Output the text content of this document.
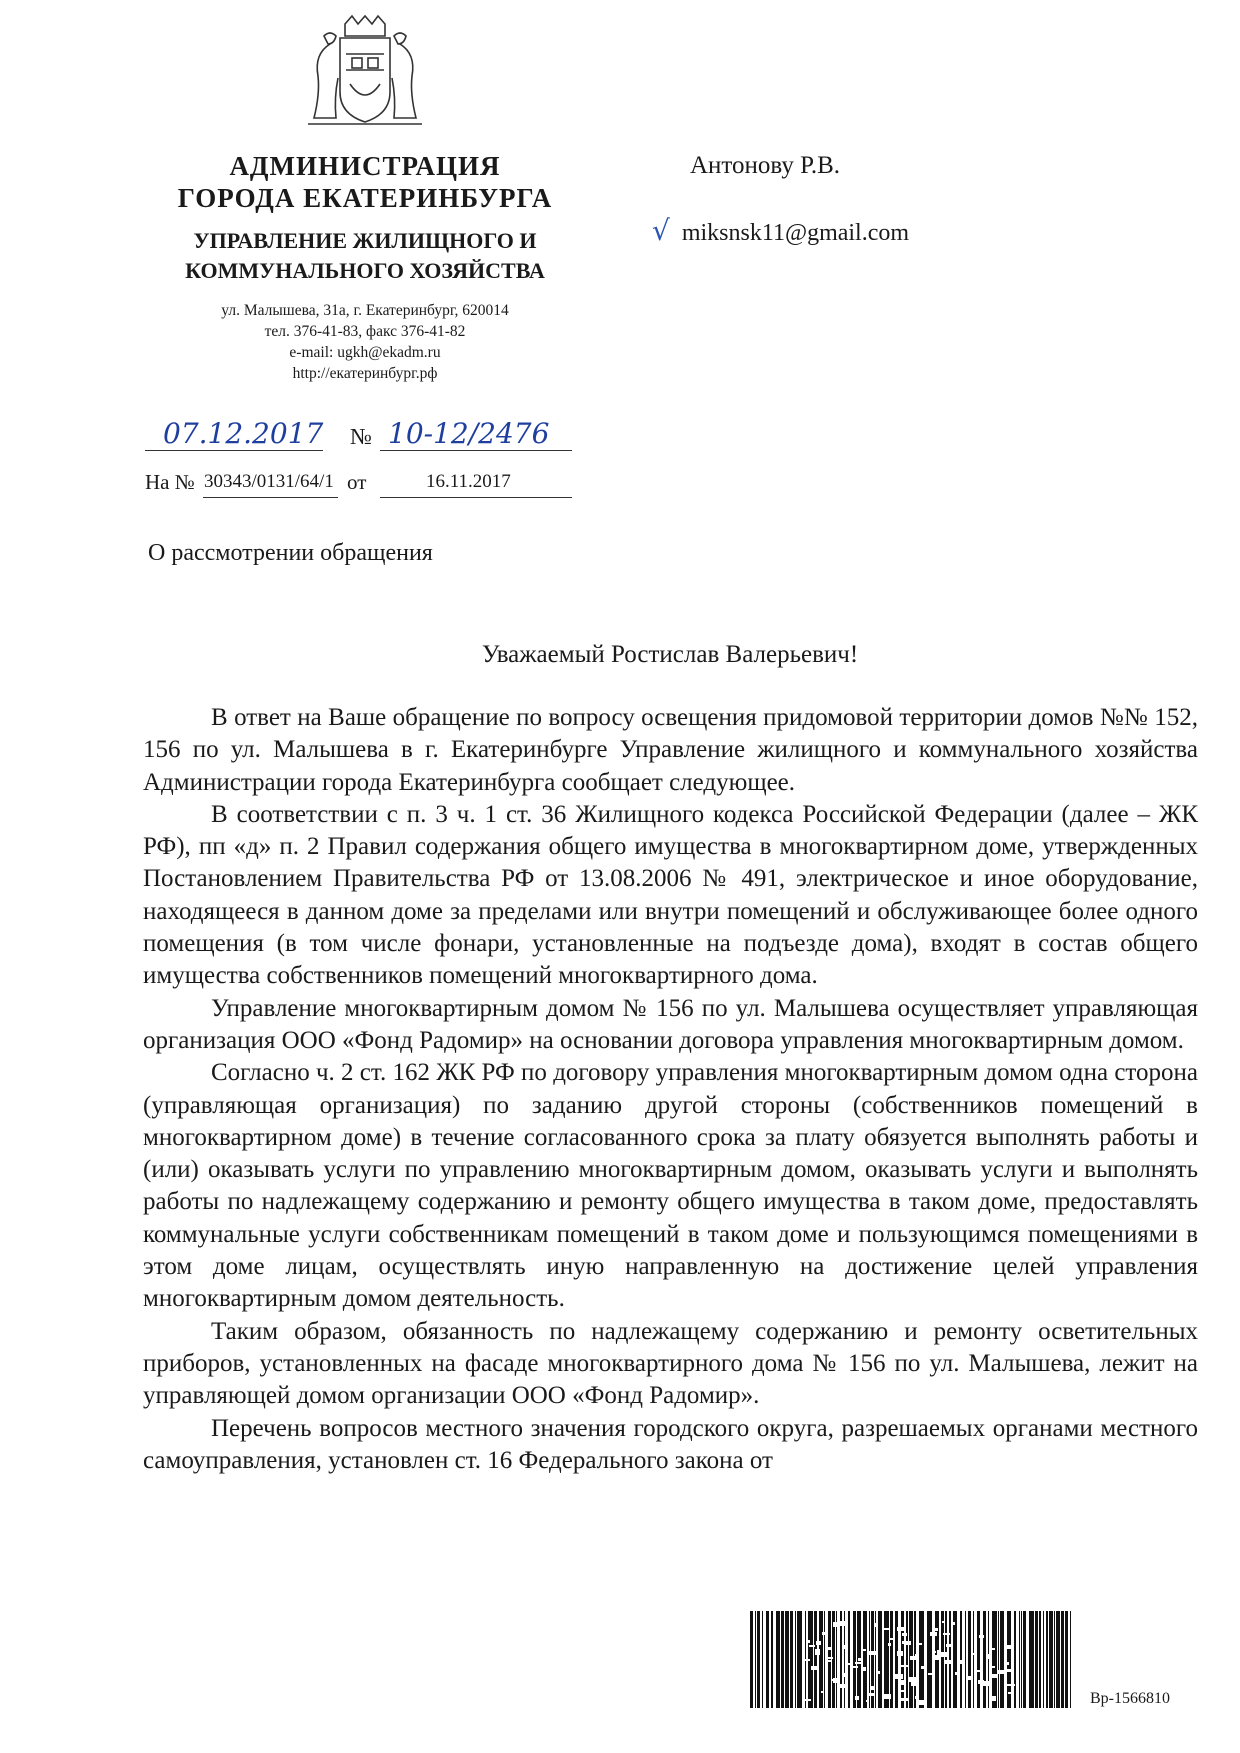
АДМИНИСТРАЦИЯ
ГОРОДА ЕКАТЕРИНБУРГА
УПРАВЛЕНИЕ ЖИЛИЩНОГО И
КОММУНАЛЬНОГО ХОЗЯЙСТВА
ул. Малышева, 31а, г. Екатеринбург, 620014
тел. 376-41-83, факс 376-41-82
e-mail: ugkh@ekadm.ru
http://екатеринбург.рф
Антонову Р.В.
√ miksnsk11@gmail.com
07.12.2017 № 10-12/2476
На № 30343/0131/64/1 от	16.11.2017
О рассмотрении обращения
Уважаемый Ростислав Валерьевич!

В ответ на Ваше обращение по вопросу освещения придомовой территории домов №№ 152, 156 по ул. Малышева в г. Екатеринбурге Управление жилищного и коммунального хозяйства Администрации города Екатеринбурга сообщает следующее.

В соответствии с п. 3 ч. 1 ст. 36 Жилищного кодекса Российской Федерации (далее – ЖК РФ), пп «д» п. 2 Правил содержания общего имущества в многоквартирном доме, утвержденных Постановлением Правительства РФ от 13.08.2006 № 491, электрическое и иное оборудование, находящееся в данном доме за пределами или внутри помещений и обслуживающее более одного помещения (в том числе фонари, установленные на подъезде дома), входят в состав общего имущества собственников помещений многоквартирного дома.

Управление многоквартирным домом № 156 по ул. Малышева осуществляет управляющая организация ООО «Фонд Радомир» на основании договора управления многоквартирным домом.

Согласно ч. 2 ст. 162 ЖК РФ по договору управления многоквартирным домом одна сторона (управляющая организация) по заданию другой стороны (собственников помещений в многоквартирном доме) в течение согласованного срока за плату обязуется выполнять работы и (или) оказывать услуги по управлению многоквартирным домом, оказывать услуги и выполнять работы по надлежащему содержанию и ремонту общего имущества в таком доме, предоставлять коммунальные услуги собственникам помещений в таком доме и пользующимся помещениями в этом доме лицам, осуществлять иную направленную на достижение целей управления многоквартирным домом деятельность.

Таким образом, обязанность по надлежащему содержанию и ремонту осветительных приборов, установленных на фасаде многоквартирного дома № 156 по ул. Малышева, лежит на управляющей домом организации ООО «Фонд Радомир».

Перечень вопросов местного значения городского округа, разрешаемых органами местного самоуправления, установлен ст. 16 Федерального закона от

Вр-1566810
